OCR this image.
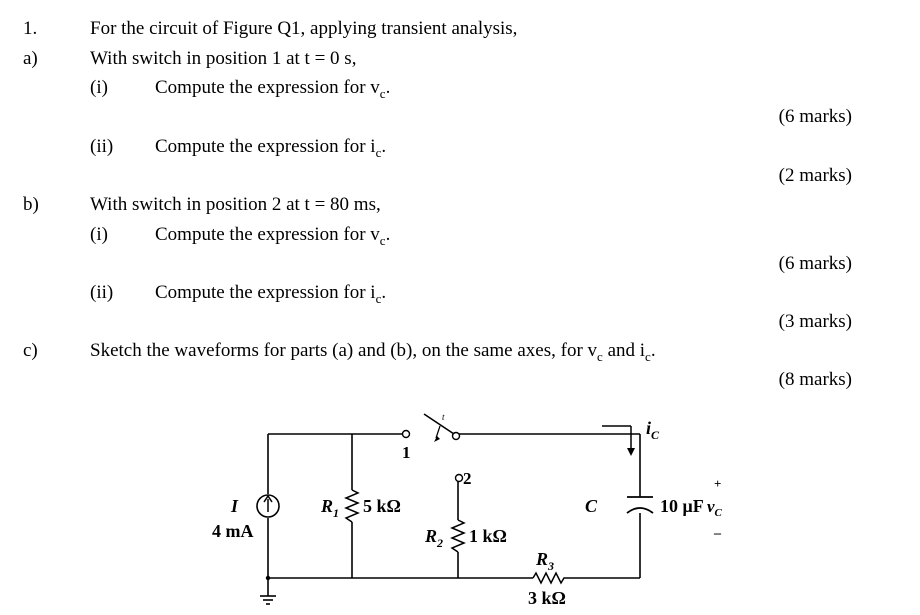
1.	For the circuit of Figure Q1, applying transient analysis,
a)	With switch in position 1 at t = 0 s,
(i) Compute the expression for $v_c$.
(6 marks)
(ii) Compute the expression for $i_c$.
(2 marks)
b)	With switch in position 2 at t = 80 ms,
(i) Compute the expression for $v_c$.
(6 marks)
(ii) Compute the expression for $i_c$.
(3 marks)
c)	Sketch the waveforms for parts (a) and (b), on the same axes, for $v_c$ and $i_c$.
(8 marks)
t
1
2
I
4 mA
$R_1$ 5 kΩ
$R_2$ 1 kΩ
$R_3$
3 kΩ
C	10 μF
$i_C$
+
$v_C$
–
